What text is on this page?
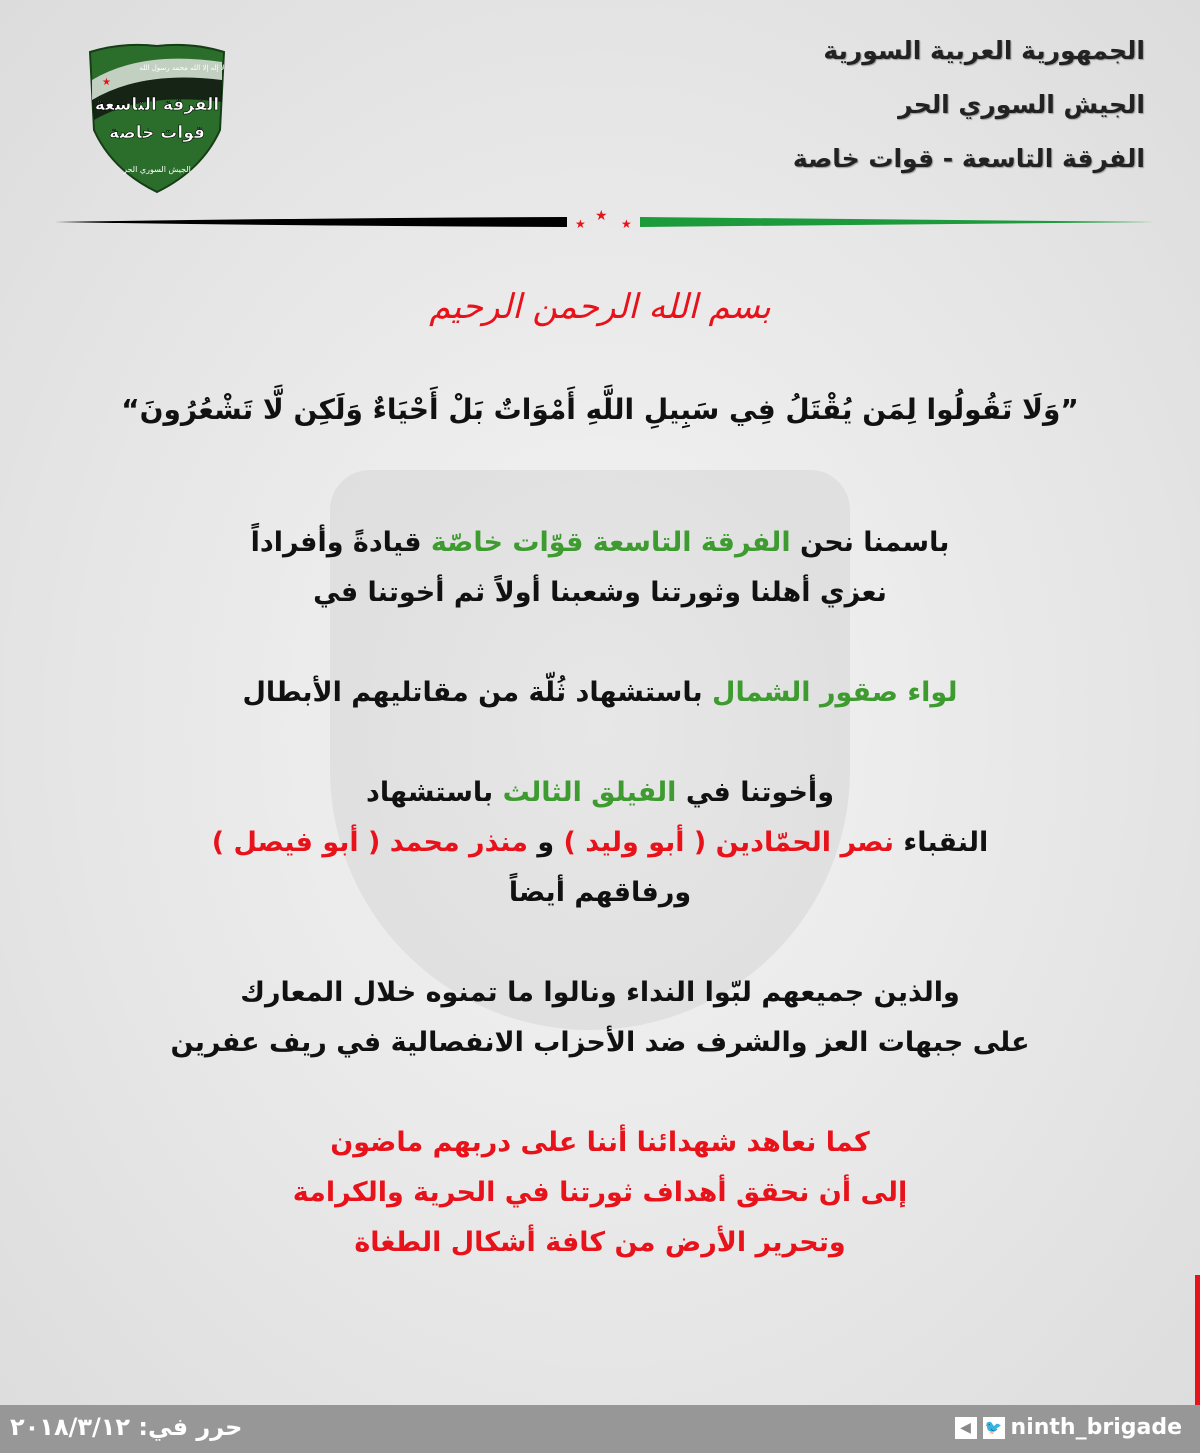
الفرقة التاسعة
قوات خاصة
الجيش السوري الحر
لا إله إلا الله محمد رسول الله
★
الجمهورية العربية السورية
الجيش السوري الحر
الفرقة التاسعة - قوات خاصة
★ ★ ★
بسم الله الرحمن الرحيم
”وَلَا تَقُولُوا لِمَن يُقْتَلُ فِي سَبِيلِ اللَّهِ أَمْوَاتٌ بَلْ أَحْيَاءٌ وَلَكِن لَّا تَشْعُرُونَ“
باسمنا نحن الفرقة التاسعة قوّات خاصّة قيادةً وأفراداً
نعزي أهلنا وثورتنا وشعبنا أولاً ثم أخوتنا في
لواء صقور الشمال باستشهاد ثُلّة من مقاتليهم الأبطال
وأخوتنا في الفيلق الثالث باستشهاد
النقباء نصر الحمّادين ( أبو وليد ) و منذر محمد ( أبو فيصل )
ورفاقهم أيضاً
والذين جميعهم لبّوا النداء ونالوا ما تمنوه خلال المعارك
على جبهات العز والشرف ضد الأحزاب الانفصالية في ريف عفرين
كما نعاهد شهدائنا أننا على دربهم ماضون
إلى أن نحقق أهداف ثورتنا في الحرية والكرامة
وتحرير الأرض من كافة أشكال الطغاة
حرر في: ٢٠١٨/٣/١٢	◀ 🐦 ninth_brigade
